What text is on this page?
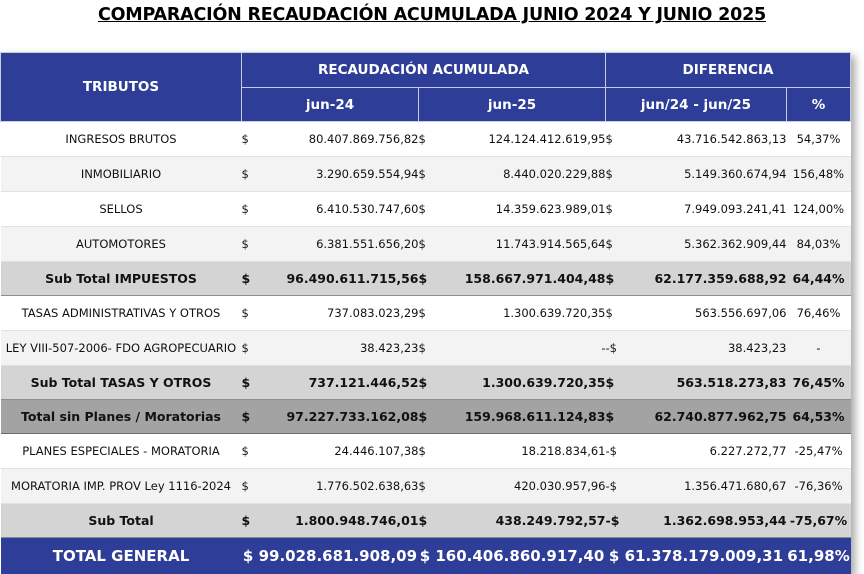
COMPARACIÓN RECAUDACIÓN ACUMULADA JUNIO 2024 Y JUNIO 2025
TRIBUTOS	RECAUDACIÓN ACUMULADA				DIFERENCIA		
	jun-24		jun-25		jun/24 - jun/25		%
INGRESOS BRUTOS	$	80.407.869.756,82	$	124.124.412.619,95	$	43.716.542.863,13	54,37%
INMOBILIARIO	$	3.290.659.554,94	$	8.440.020.229,88	$	5.149.360.674,94	156,48%
SELLOS	$	6.410.530.747,60	$	14.359.623.989,01	$	7.949.093.241,41	124,00%
AUTOMOTORES	$	6.381.551.656,20	$	11.743.914.565,64	$	5.362.362.909,44	84,03%
Sub Total IMPUESTOS	$	96.490.611.715,56	$	158.667.971.404,48	$	62.177.359.688,92	64,44%
TASAS ADMINISTRATIVAS Y OTROS	$	737.083.023,29	$	1.300.639.720,35	$	563.556.697,06	76,46%
LEY VIII-507-2006- FDO AGROPECUARIO	$	38.423,23	$	-	-$	38.423,23	-
Sub Total TASAS Y OTROS	$	737.121.446,52	$	1.300.639.720,35	$	563.518.273,83	76,45%
Total sin Planes / Moratorias	$	97.227.733.162,08	$	159.968.611.124,83	$	62.740.877.962,75	64,53%
PLANES ESPECIALES - MORATORIA	$	24.446.107,38	$	18.218.834,61	-$	6.227.272,77	-25,47%
MORATORIA IMP. PROV Ley 1116-2024	$	1.776.502.638,63	$	420.030.957,96	-$	1.356.471.680,67	-76,36%
Sub Total	$	1.800.948.746,01	$	438.249.792,57	-$	1.362.698.953,44	-75,67%
TOTAL GENERAL	$ 99.028.681.908,09		$ 160.406.860.917,40		$ 61.378.179.009,31		61,98%
